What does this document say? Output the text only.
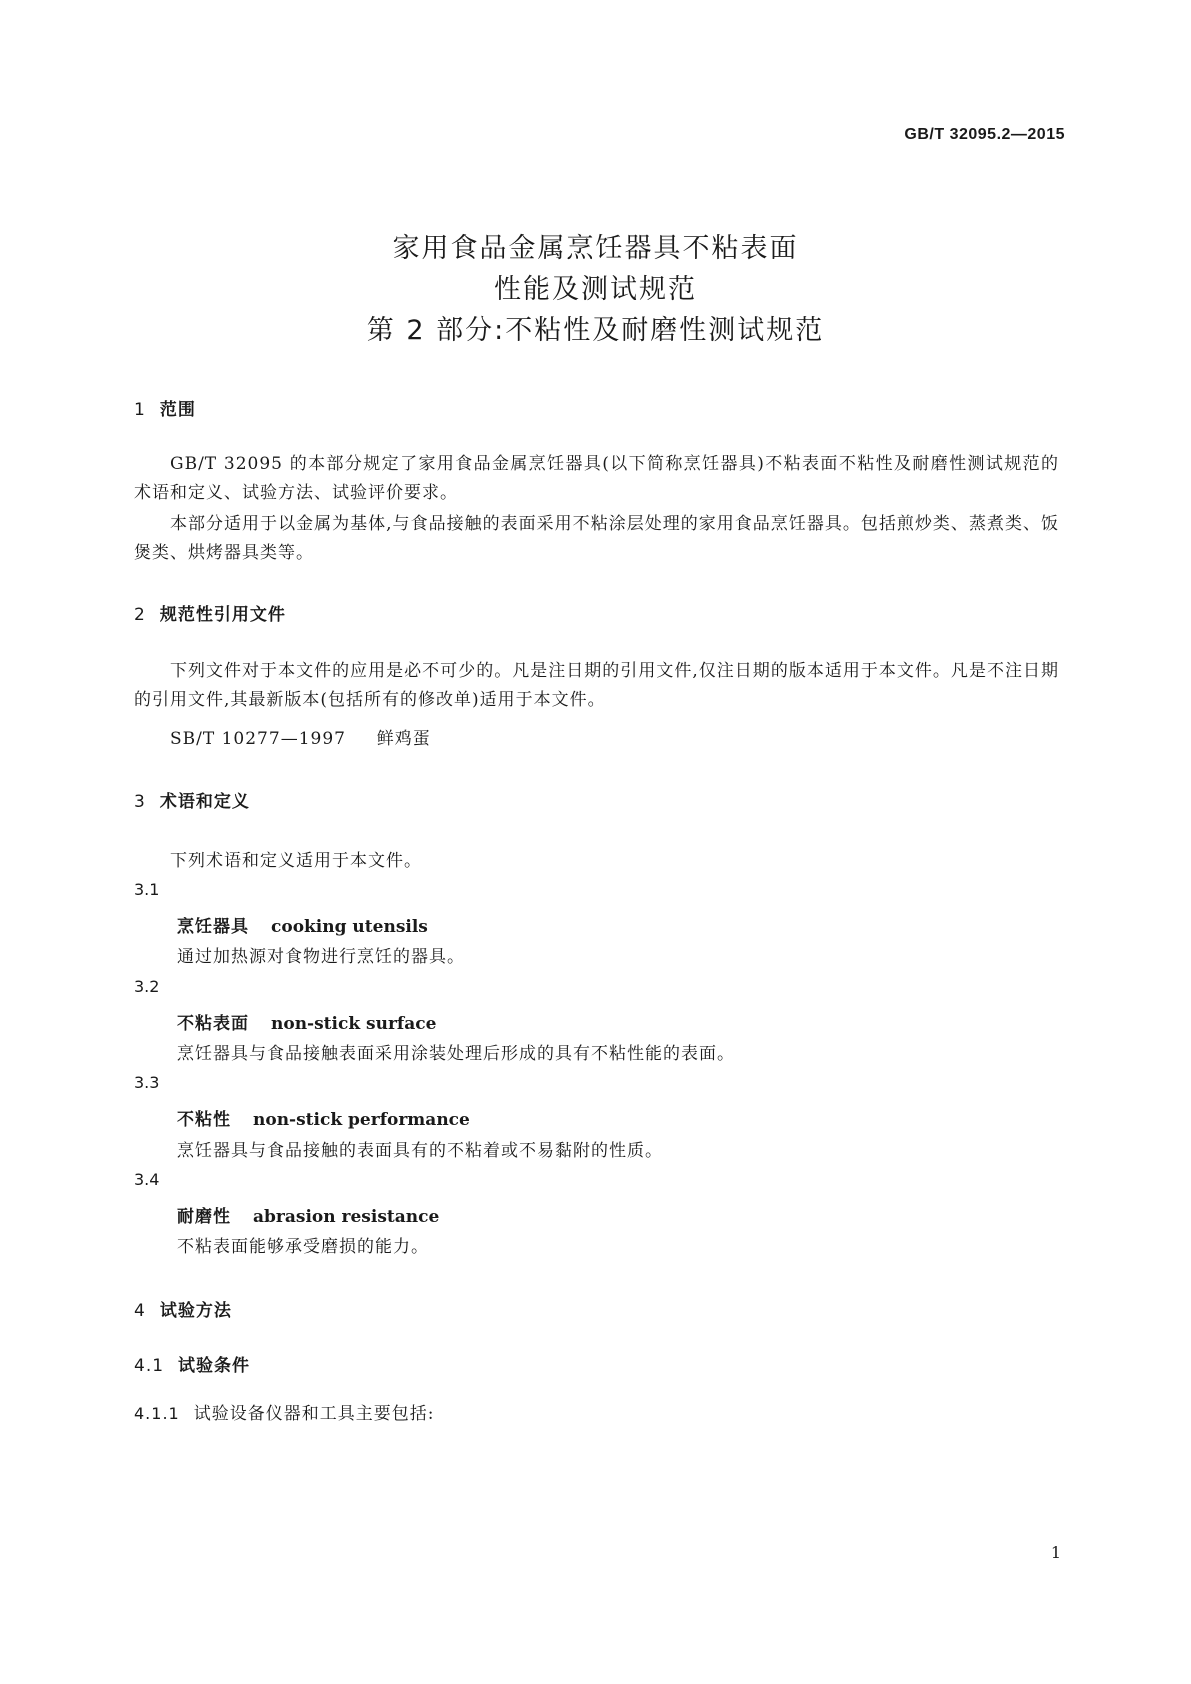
GB/T 32095.2—2015
家用食品金属烹饪器具不粘表面
性能及测试规范
第 2 部分:不粘性及耐磨性测试规范
1 范围
GB/T 32095 的本部分规定了家用食品金属烹饪器具(以下简称烹饪器具)不粘表面不粘性及耐磨性测试规范的术语和定义、试验方法、试验评价要求。
本部分适用于以金属为基体,与食品接触的表面采用不粘涂层处理的家用食品烹饪器具。包括煎炒类、蒸煮类、饭煲类、烘烤器具类等。
2 规范性引用文件
下列文件对于本文件的应用是必不可少的。凡是注日期的引用文件,仅注日期的版本适用于本文件。凡是不注日期的引用文件,其最新版本(包括所有的修改单)适用于本文件。
SB/T 10277—1997 鲜鸡蛋
3 术语和定义
下列术语和定义适用于本文件。
3.1
烹饪器具 cooking utensils
通过加热源对食物进行烹饪的器具。
3.2
不粘表面 non-stick surface
烹饪器具与食品接触表面采用涂装处理后形成的具有不粘性能的表面。
3.3
不粘性 non-stick performance
烹饪器具与食品接触的表面具有的不粘着或不易黏附的性质。
3.4
耐磨性 abrasion resistance
不粘表面能够承受磨损的能力。
4 试验方法
4.1 试验条件
4.1.1 试验设备仪器和工具主要包括:
1
